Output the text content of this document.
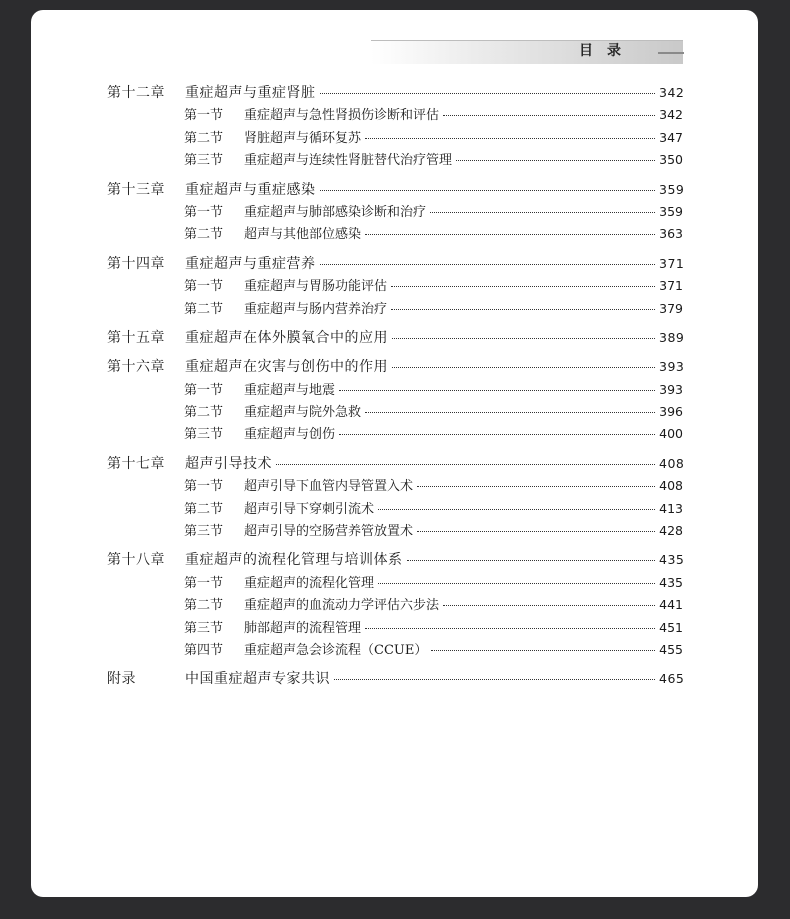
目录
第十二章	重症超声与重症肾脏	342
第一节	重症超声与急性肾损伤诊断和评估	342
第二节	肾脏超声与循环复苏	347
第三节	重症超声与连续性肾脏替代治疗管理	350
第十三章	重症超声与重症感染	359
第一节	重症超声与肺部感染诊断和治疗	359
第二节	超声与其他部位感染	363
第十四章	重症超声与重症营养	371
第一节	重症超声与胃肠功能评估	371
第二节	重症超声与肠内营养治疗	379
第十五章	重症超声在体外膜氧合中的应用	389
第十六章	重症超声在灾害与创伤中的作用	393
第一节	重症超声与地震	393
第二节	重症超声与院外急救	396
第三节	重症超声与创伤	400
第十七章	超声引导技术	408
第一节	超声引导下血管内导管置入术	408
第二节	超声引导下穿刺引流术	413
第三节	超声引导的空肠营养管放置术	428
第十八章	重症超声的流程化管理与培训体系	435
第一节	重症超声的流程化管理	435
第二节	重症超声的血流动力学评估六步法	441
第三节	肺部超声的流程管理	451
第四节	重症超声急会诊流程（CCUE）	455
附录	中国重症超声专家共识	465
